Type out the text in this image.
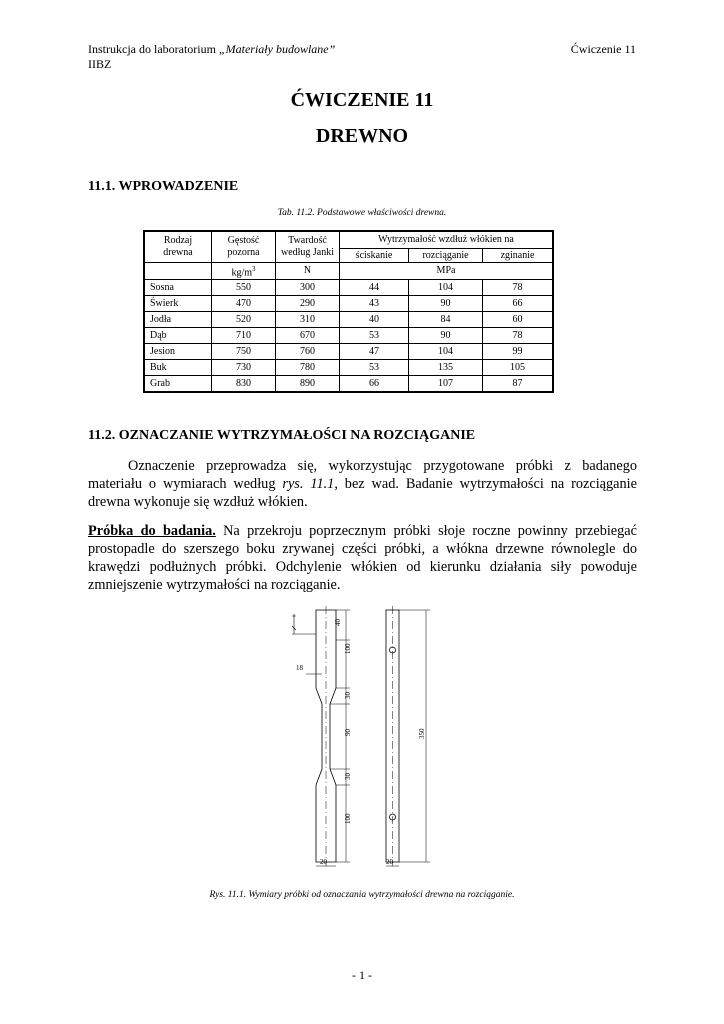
Instrukcja do laboratorium „Materiały budowlane”	Ćwiczenie 11
IIBZ
ĆWICZENIE 11
DREWNO
11.1. WPROWADZENIE
Tab. 11.2. Podstawowe właściwości drewna.
Rodzaj drewna	Gęstość pozorna	Twardość według Janki	Wytrzymałość wzdłuż włókien na		
			ściskanie	rozciąganie	zginanie
	$kg/m^3$	N	MPa		
Sosna	550	300	44	104	78
Świerk	470	290	43	90	66
Jodła	520	310	40	84	60
Dąb	710	670	53	90	78
Jesion	750	760	47	104	99
Buk	730	780	53	135	105
Grab	830	890	66	107	87
11.2. OZNACZANIE WYTRZYMAŁOŚCI NA ROZCIĄGANIE
Oznaczenie przeprowadza się, wykorzystując przygotowane próbki z badanego materiału o wymiarach według rys. 11.1, bez wad. Badanie wytrzymałości na rozciąganie drewna wykonuje się wzdłuż włókien.
Próbka do badania. Na przekroju poprzecznym próbki słoje roczne powinny przebiegać prostopadle do szerszego boku zrywanej części próbki, a włókna drzewne równolegle do krawędzi podłużnych próbki. Odchylenie włókien od kierunku działania siły powoduje zmniejszenie wytrzymałości na rozciąganie.
40
100
18
30
90
30
100
20	20
350
Rys. 11.1. Wymiary próbki od oznaczania wytrzymałości drewna na rozciąganie.
- 1 -
